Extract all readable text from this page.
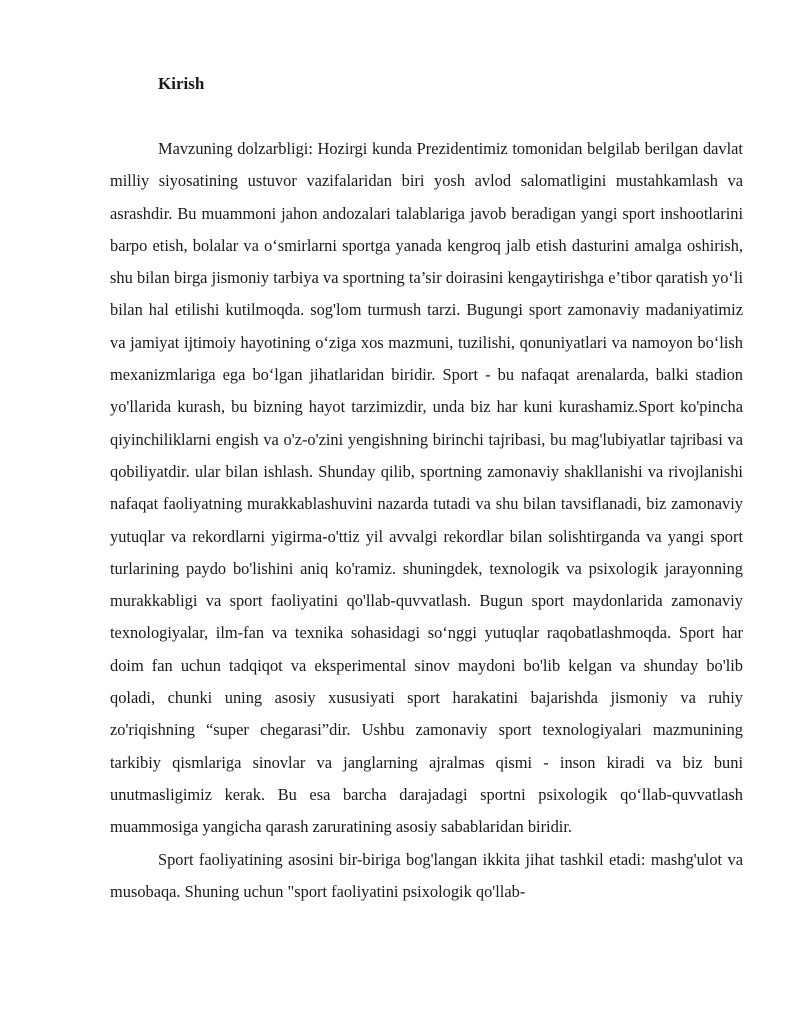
Kirish

Mavzuning dolzarbligi: Hozirgi kunda Prezidentimiz tomonidan belgilab berilgan davlat milliy siyosatining ustuvor vazifalaridan biri yosh avlod salomatligini mustahkamlash va asrashdir. Bu muammoni jahon andozalari talablariga javob beradigan yangi sport inshootlarini barpo etish, bolalar va o‘smirlarni sportga yanada kengroq jalb etish dasturini amalga oshirish, shu bilan birga jismoniy tarbiya va sportning ta’sir doirasini kengaytirishga e’tibor qaratish yo‘li bilan hal etilishi kutilmoqda. sog'lom turmush tarzi. Bugungi sport zamonaviy madaniyatimiz va jamiyat ijtimoiy hayotining o‘ziga xos mazmuni, tuzilishi, qonuniyatlari va namoyon bo‘lish mexanizmlariga ega bo‘lgan jihatlaridan biridir. Sport - bu nafaqat arenalarda, balki stadion yo'llarida kurash, bu bizning hayot tarzimizdir, unda biz har kuni kurashamiz.Sport ko'pincha qiyinchiliklarni engish va o'z-o'zini yengishning birinchi tajribasi, bu mag'lubiyatlar tajribasi va qobiliyatdir. ular bilan ishlash. Shunday qilib, sportning zamonaviy shakllanishi va rivojlanishi nafaqat faoliyatning murakkablashuvini nazarda tutadi va shu bilan tavsiflanadi, biz zamonaviy yutuqlar va rekordlarni yigirma-o'ttiz yil avvalgi rekordlar bilan solishtirganda va yangi sport turlarining paydo bo'lishini aniq ko'ramiz. shuningdek, texnologik va psixologik jarayonning murakkabligi va sport faoliyatini qo'llab-quvvatlash. Bugun sport maydonlarida zamonaviy texnologiyalar, ilm-fan va texnika sohasidagi so‘nggi yutuqlar raqobatlashmoqda. Sport har doim fan uchun tadqiqot va eksperimental sinov maydoni bo'lib kelgan va shunday bo'lib qoladi, chunki uning asosiy xususiyati sport harakatini bajarishda jismoniy va ruhiy zo'riqishning “super chegarasi”dir. Ushbu zamonaviy sport texnologiyalari mazmunining tarkibiy qismlariga sinovlar va janglarning ajralmas qismi - inson kiradi va biz buni unutmasligimiz kerak. Bu esa barcha darajadagi sportni psixologik qo‘llab-quvvatlash muammosiga yangicha qarash zaruratining asosiy sabablaridan biridir.

Sport faoliyatining asosini bir-biriga bog'langan ikkita jihat tashkil etadi: mashg'ulot va musobaqa. Shuning uchun "sport faoliyatini psixologik qo'llab-
